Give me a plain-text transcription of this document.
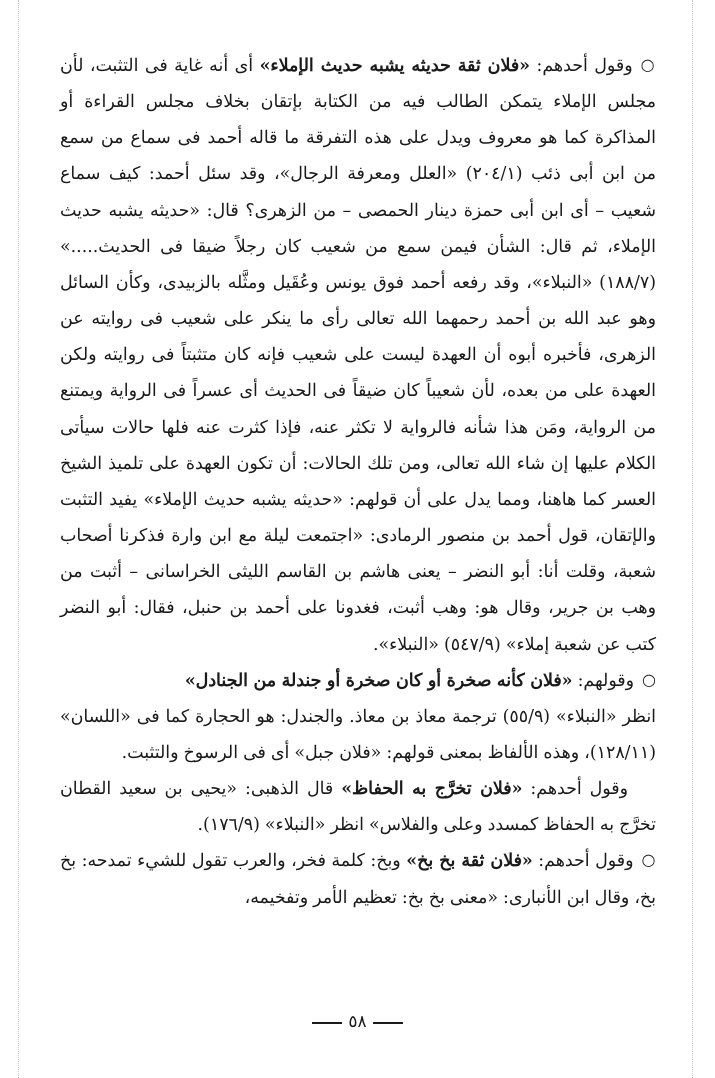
○وقول أحدهم: «فلان ثقة حديثه يشبه حديث الإملاء» أى أنه غاية فى التثبت، لأن مجلس الإملاء يتمكن الطالب فيه من الكتابة بإتقان بخلاف مجلس القراءة أو المذاكرة كما هو معروف ويدل على هذه التفرقة ما قاله أحمد فى سماع من سمع من ابن أبى ذئب (٢٠٤/١) «العلل ومعرفة الرجال»، وقد سئل أحمد: كيف سماع شعيب – أى ابن أبى حمزة دينار الحمصى – من الزهرى؟ قال: «حديثه يشبه حديث الإملاء، ثم قال: الشأن فيمن سمع من شعيب كان رجلاً ضيقا فى الحديث.....» (١٨٨/٧) «النبلاء»، وقد رفعه أحمد فوق يونس وعُقَيل ومثَّله بالزبيدى، وكأن السائل وهو عبد الله بن أحمد رحمهما الله تعالى رأى ما ينكر على شعيب فى روايته عن الزهرى، فأخبره أبوه أن العهدة ليست على شعيب فإنه كان متثبتاً فى روايته ولكن العهدة على من بعده، لأن شعيباً كان ضيقاً فى الحديث أى عسراً فى الرواية ويمتنع من الرواية، ومَن هذا شأنه فالرواية لا تكثر عنه، فإذا كثرت عنه فلها حالات سيأتى الكلام عليها إن شاء الله تعالى، ومن تلك الحالات: أن تكون العهدة على تلميذ الشيخ العسر كما هاهنا، ومما يدل على أن قولهم: «حديثه يشبه حديث الإملاء» يفيد التثبت والإتقان، قول أحمد بن منصور الرمادى: «اجتمعت ليلة مع ابن وارة فذكرنا أصحاب شعبة، وقلت أنا: أبو النضر – يعنى هاشم بن القاسم الليثى الخراسانى – أثبت من وهب بن جرير، وقال هو: وهب أثبت، فغدونا على أحمد بن حنبل، فقال: أبو النضر كتب عن شعبة إملاء» (٥٤٧/٩) «النبلاء».

○وقولهم: «فلان كأنه صخرة أو كان صخرة أو جندلة من الجنادل»

انظر «النبلاء» (٥٥/٩) ترجمة معاذ بن معاذ. والجندل: هو الحجارة كما فى «اللسان» (١٢٨/١١)، وهذه الألفاظ بمعنى قولهم: «فلان جبل» أى فى الرسوخ والتثبت.

وقول أحدهم: «فلان تخرَّج به الحفاظ» قال الذهبى: «يحيى بن سعيد القطان تخرَّج به الحفاظ كمسدد وعلى والفلاس» انظر «النبلاء» (١٧٦/٩).

○وقول أحدهم: «فلان ثقة بخ بخ» وبخ: كلمة فخر، والعرب تقول للشيء تمدحه: بخ بخ، وقال ابن الأنبارى: «معنى بخ بخ: تعظيم الأمر وتفخيمه،

٥٨
